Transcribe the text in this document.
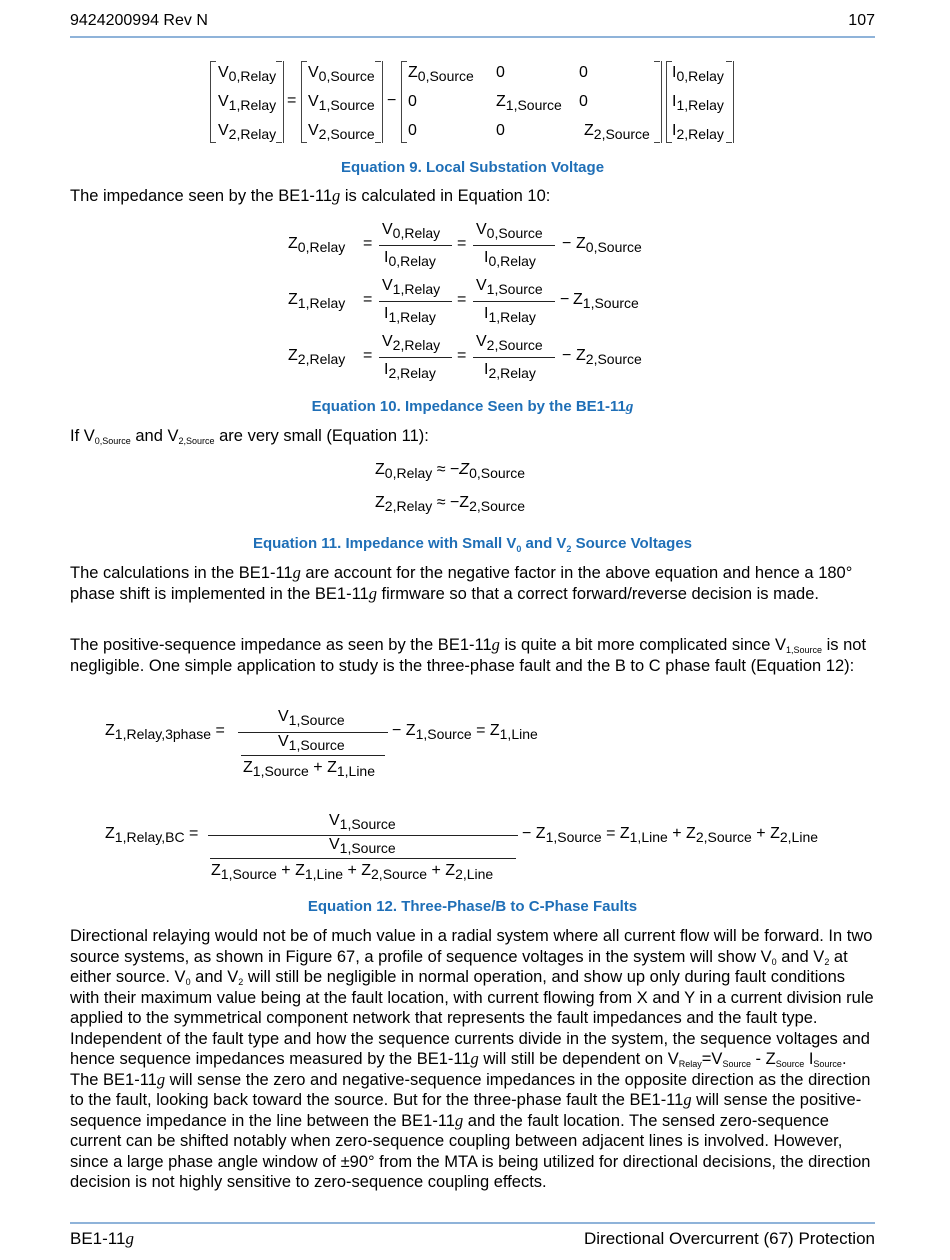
9424200994 Rev N	107
$V_{0,Relay}$
$V_{1,Relay}$
$V_{2,Relay}$
=
$V_{0,Source}$
$V_{1,Source}$
$V_{2,Source}$
−
$Z_{0,Source}$ 0	0
0	$Z_{1,Source}$ 0
0	0	$Z_{2,Source}$
$I_{0,Relay}$
$I_{1,Relay}$
$I_{2,Relay}$
Equation 9. Local Substation Voltage

The impedance seen by the BE1-11g is calculated in Equation 10:

$Z_{0,Relay}$ =
$V_{0,Relay}$
$I_{0,Relay}$
=
$V_{0,Source}$
$I_{0,Relay}$
− $Z_{0,Source}$
$Z_{1,Relay}$ =
$V_{1,Relay}$
$I_{1,Relay}$
=
$V_{1,Source}$
$I_{1,Relay}$
− $Z_{1,Source}$
$Z_{2,Relay}$ =
$V_{2,Relay}$
$I_{2,Relay}$
=
$V_{2,Source}$
$I_{2,Relay}$
− $Z_{2,Source}$
Equation 10. Impedance Seen by the BE1-11g

If $V_{0,Source}$ and $V_{2,Source}$ are very small (Equation 11):

$Z_{0,Relay} \approx -Z_{0,Source}$
$Z_{2,Relay} \approx -Z_{2,Source}$
Equation 11. Impedance with Small $V_0$ and $V_2$ Source Voltages

The calculations in the BE1-11g are account for the negative factor in the above equation and hence a 180° phase shift is implemented in the BE1-11g firmware so that a correct forward/reverse decision is made.

The positive-sequence impedance as seen by the BE1-11g is quite a bit more complicated since $V_{1,Source}$ is not negligible. One simple application to study is the three-phase fault and the B to C phase fault (Equation 12):

$Z_{1,Relay,3phase}$ =
$V_{1,Source}$
$V_{1,Source}$
$Z_{1,Source} + Z_{1,Line}$
− $Z_{1,Source} = Z_{1,Line}$
$Z_{1,Relay,BC}$ =
$V_{1,Source}$
$V_{1,Source}$
$Z_{1,Source} + Z_{1,Line} + Z_{2,Source} + Z_{2,Line}$
− $Z_{1,Source} = Z_{1,Line} + Z_{2,Source} + Z_{2,Line}$
Equation 12. Three-Phase/B to C-Phase Faults

Directional relaying would not be of much value in a radial system where all current flow will be forward. In two source systems, as shown in Figure 67, a profile of sequence voltages in the system will show $V_0$ and $V_2$ at either source. $V_0$ and $V_2$ will still be negligible in normal operation, and show up only during fault conditions with their maximum value being at the fault location, with current flowing from X and Y in a current division rule applied to the symmetrical component network that represents the fault impedances and the fault type. Independent of the fault type and how the sequence currents divide in the system, the sequence voltages and hence sequence impedances measured by the BE1-11g will still be dependent on $V_{Relay}=V_{Source} - Z_{Source}$ $I_{Source}$. The BE1-11g will sense the zero and negative-sequence impedances in the opposite direction as the direction to the fault, looking back toward the source. But for the three-phase fault the BE1-11g will sense the positive-sequence impedance in the line between the BE1-11g and the fault location. The sensed zero-sequence current can be shifted notably when zero-sequence coupling between adjacent lines is involved. However, since a large phase angle window of ±90° from the MTA is being utilized for directional decisions, the direction decision is not highly sensitive to zero-sequence coupling effects.

BE1-11g	Directional Overcurrent (67) Protection
